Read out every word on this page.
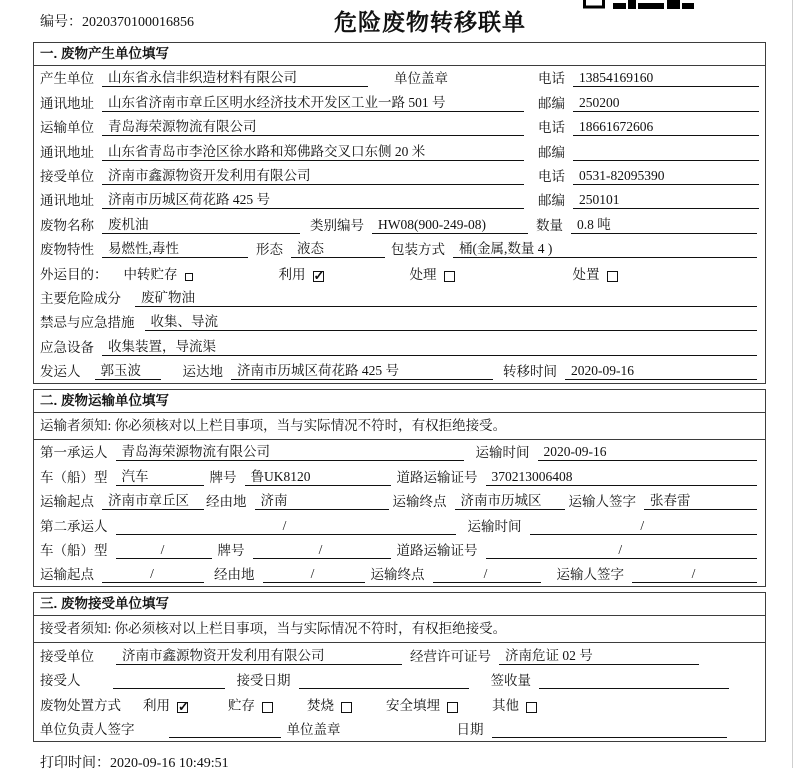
编号：2020370100016856	危险废物转移联单
一. 废物产生单位填写
产生单位	山东省永信非织造材料有限公司	单位盖章	电话	13854169160
通讯地址	山东省济南市章丘区明水经济技术开发区工业一路 501 号	邮编	250200
运输单位	青岛海荣源物流有限公司	电话	18661672606
通讯地址	山东省青岛市李沧区徐水路和郑佛路交叉口东侧 20 米	邮编
接受单位	济南市鑫源物资开发利用有限公司	电话	0531-82095390
通讯地址	济南市历城区荷花路 425 号	邮编	250101
废物名称	废机油	类别编号	HW08(900-249-08)	数量	0.8 吨
废物特性	易燃性,毒性	形态	液态	包装方式	桶(金属,数量 4 )
外运目的： 中转贮存	利用 ✓	处理	处置
主要危险成分	废矿物油
禁忌与应急措施	收集、导流
应急设备	收集装置，导流渠
发运人	郭玉波	运达地	济南市历城区荷花路 425 号	转移时间	2020-09-16
二. 废物运输单位填写
运输者须知: 你必须核对以上栏目事项，当与实际情况不符时，有权拒绝接受。
第一承运人	青岛海荣源物流有限公司	运输时间	2020-09-16
车（船）型	汽车	牌号	鲁UK8120	道路运输证号	370213006408
运输起点	济南市章丘区	经由地	济南	运输终点	济南市历城区	运输人签字	张春雷
第二承运人	/	运输时间	/
车（船）型	/	牌号	/	道路运输证号	/
运输起点	/	经由地	/	运输终点	/	运输人签字	/
三. 废物接受单位填写
接受者须知: 你必须核对以上栏目事项，当与实际情况不符时，有权拒绝接受。
接受单位	济南市鑫源物资开发利用有限公司	经营许可证号	济南危证 02 号
接受人	接受日期	签收量
废物处置方式 利用 ✓	贮存	焚烧	安全填埋	其他
单位负责人签字	单位盖章	日期
打印时间：2020-09-16 10:49:51
